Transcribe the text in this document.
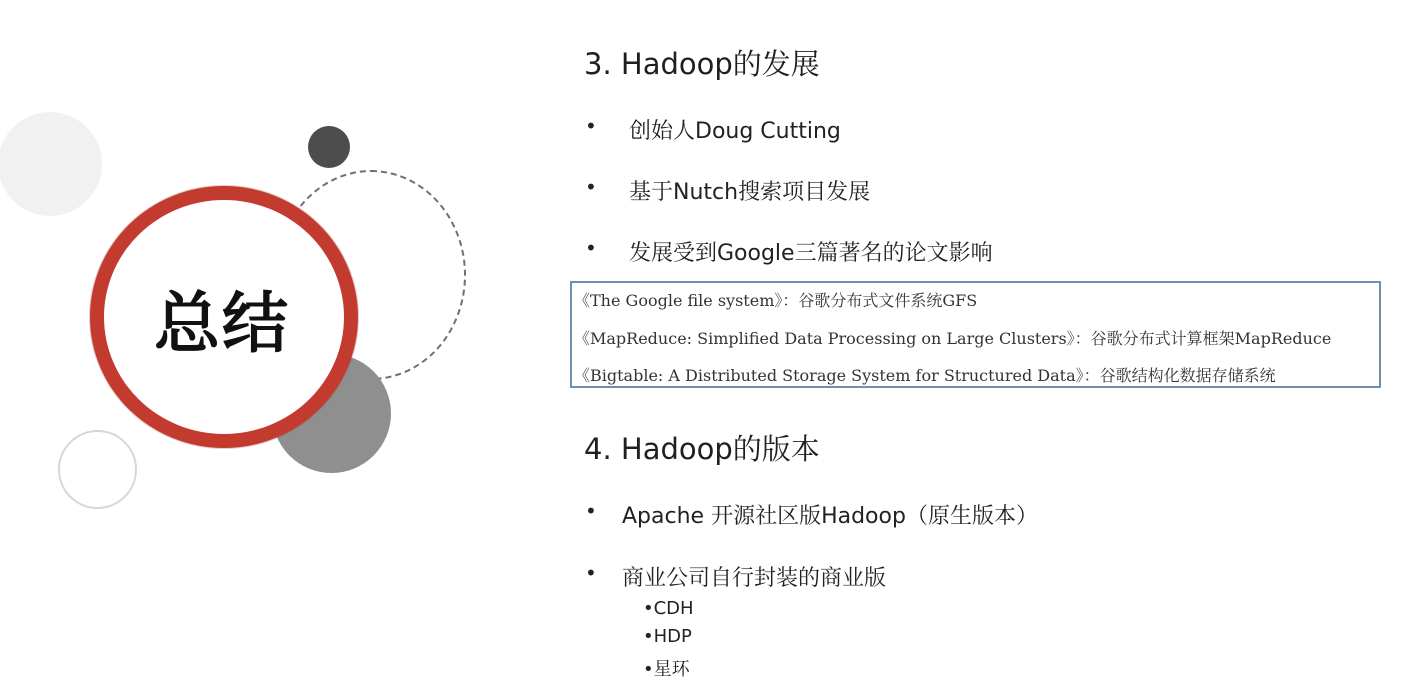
总结
3. Hadoop的发展
• 创始人Doug Cutting
• 基于Nutch搜索项目发展
• 发展受到Google三篇著名的论文影响
《The Google file system》：谷歌分布式文件系统GFS
《MapReduce: Simplified Data Processing on Large Clusters》：谷歌分布式计算框架MapReduce
《Bigtable: A Distributed Storage System for Structured Data》：谷歌结构化数据存储系统
4. Hadoop的版本
• Apache 开源社区版Hadoop（原生版本）
• 商业公司自行封装的商业版
•CDH
•HDP
•星环
